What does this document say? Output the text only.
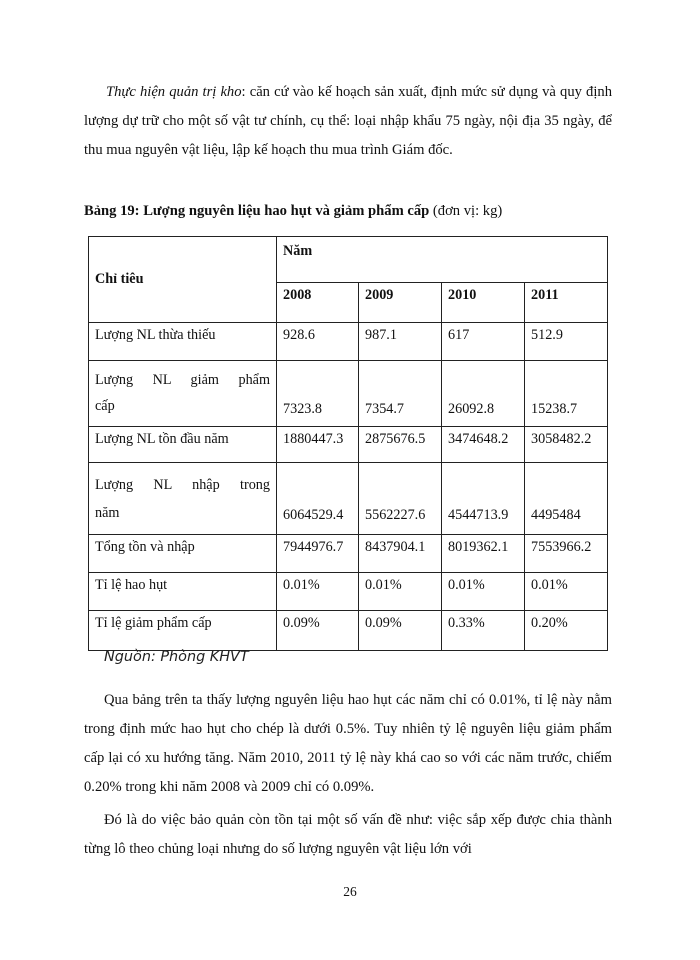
Thực hiện quản trị kho: căn cứ vào kế hoạch sản xuất, định mức sử dụng và quy định lượng dự trữ cho một số vật tư chính, cụ thể: loại nhập khẩu 75 ngày, nội địa 35 ngày, để thu mua nguyên vật liệu, lập kế hoạch thu mua trình Giám đốc.

Bảng 19: Lượng nguyên liệu hao hụt và giảm phẩm cấp (đơn vị: kg)

Chỉ tiêu	Năm			
	2008	2009	2010	2011
Lượng NL thừa thiếu	928.6	987.1	617	512.9

Lượng NL giảm phẩm
cấp	7323.8	7354.7	26092.8	15238.7
Lượng NL tồn đầu năm	1880447.3	2875676.5	3474648.2	3058482.2

Lượng NL nhập trong
năm	6064529.4	5562227.6	4544713.9	4495484
Tổng tồn và nhập	7944976.7	8437904.1	8019362.1	7553966.2
Tỉ lệ hao hụt	0.01%	0.01%	0.01%	0.01%
Tỉ lệ giảm phẩm cấp	0.09%	0.09%	0.33%	0.20%

Nguồn: Phòng KHVT

Qua bảng trên ta thấy lượng nguyên liệu hao hụt các năm chỉ có 0.01%, tỉ lệ này nằm trong định mức hao hụt cho chép là dưới 0.5%. Tuy nhiên tỷ lệ nguyên liệu giảm phẩm cấp lại có xu hướng tăng. Năm 2010, 2011 tỷ lệ này khá cao so với các năm trước, chiếm 0.20% trong khi năm 2008 và 2009 chỉ có 0.09%.

Đó là do việc bảo quản còn tồn tại một số vấn đề như: việc sắp xếp được chia thành từng lô theo chủng loại nhưng do số lượng nguyên vật liệu lớn với

26
